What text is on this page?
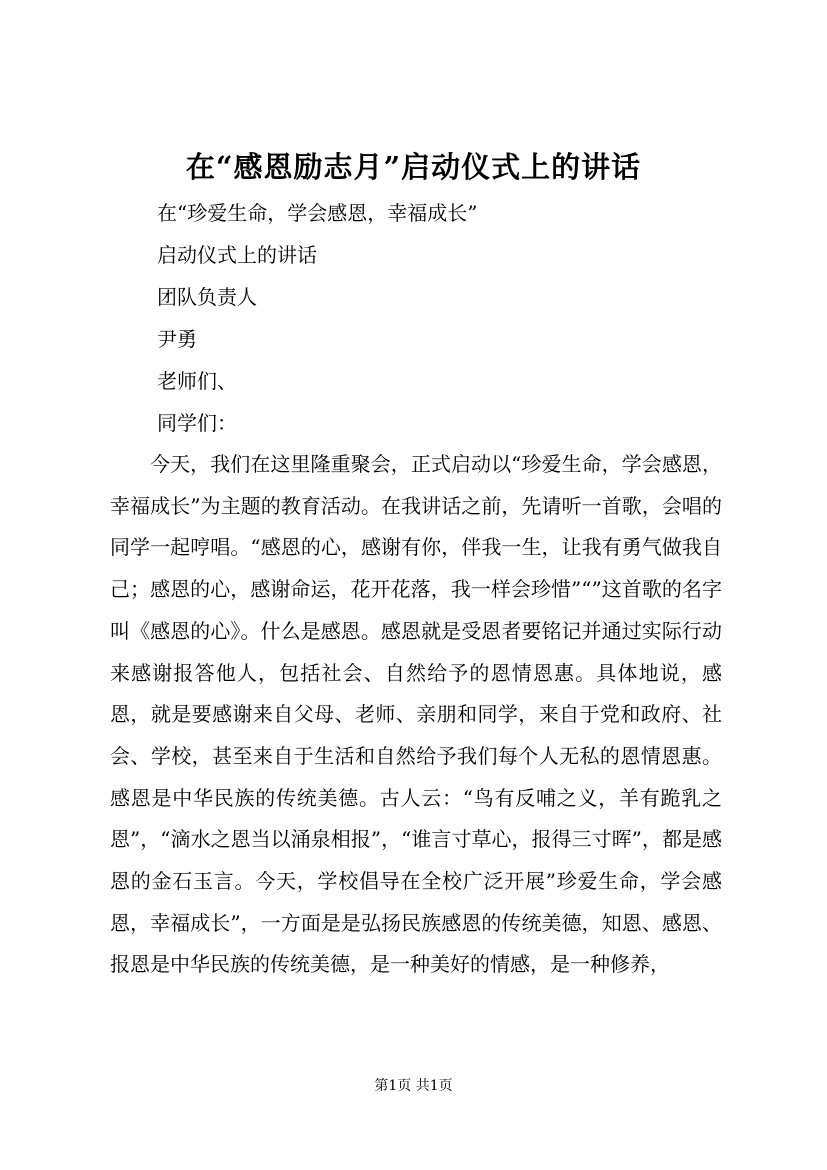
在“感恩励志月”启动仪式上的讲话
在“珍爱生命，学会感恩，幸福成长”
启动仪式上的讲话
团队负责人
尹勇
老师们、
同学们：

今天，我们在这里隆重聚会，正式启动以“珍爱生命，学会感恩，幸福成长”为主题的教育活动。在我讲话之前，先请听一首歌，会唱的同学一起哼唱。“感恩的心，感谢有你，伴我一生，让我有勇气做我自己；感恩的心，感谢命运，花开花落，我一样会珍惜”“”这首歌的名字叫《感恩的心》。什么是感恩。感恩就是受恩者要铭记并通过实际行动来感谢报答他人，包括社会、自然给予的恩情恩惠。具体地说，感恩，就是要感谢来自父母、老师、亲朋和同学，来自于党和政府、社会、学校，甚至来自于生活和自然给予我们每个人无私的恩情恩惠。感恩是中华民族的传统美德。古人云：“鸟有反哺之义，羊有跪乳之恩”，“滴水之恩当以涌泉相报”，“谁言寸草心，报得三寸晖”，都是感恩的金石玉言。今天，学校倡导在全校广泛开展”珍爱生命，学会感恩，幸福成长”，一方面是是弘扬民族感恩的传统美德，知恩、感恩、报恩是中华民族的传统美德，是一种美好的情感，是一种修养，

第1页 共1页
